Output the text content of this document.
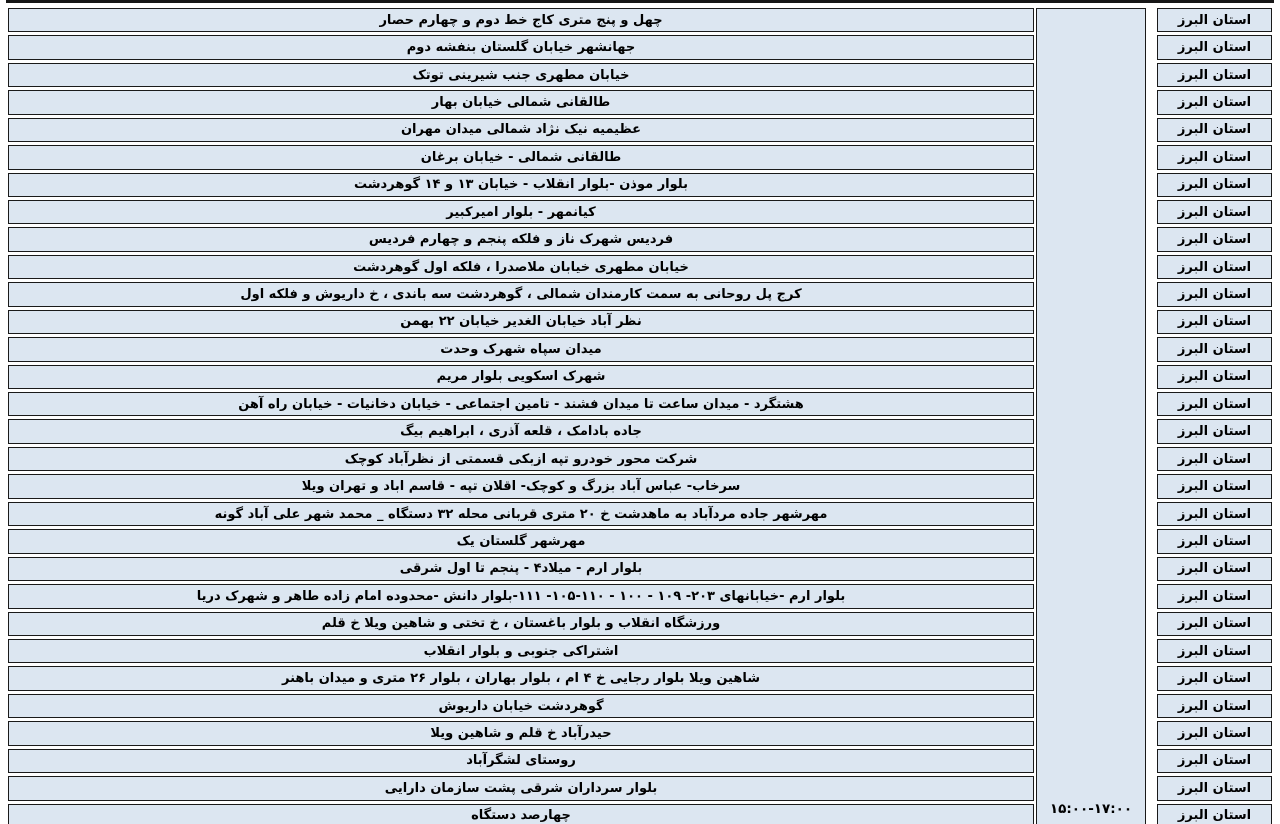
چهل و پنج متری کاج خط دوم و چهارم حصار
جهانشهر خیابان گلستان بنفشه دوم
خیابان مطهری جنب شیرینی توتک
طالقانی شمالی خیابان بهار
عظیمیه نیک نژاد شمالی میدان مهران
طالقانی شمالی - خیابان برغان
بلوار موذن -بلوار انقلاب - خیابان ۱۳ و ۱۴ گوهردشت
کیانمهر - بلوار امیرکبیر
فردیس شهرک ناز و فلکه پنجم و چهارم فردیس
خیابان مطهری خیابان ملاصدرا ، فلکه اول گوهردشت
کرج پل روحانی به سمت کارمندان شمالی ، گوهردشت سه باندی ، خ داریوش و فلکه اول
نظر آباد خیابان الغدیر خیابان ۲۲ بهمن
میدان سپاه شهرک وحدت
شهرک اسکویی بلوار مریم
هشتگرد - میدان ساعت تا میدان فشند - تامین اجتماعی - خیابان دخانیات - خیابان راه آهن
جاده بادامک ، قلعه آذری ، ابراهیم بیگ
شرکت محور خودرو تپه ازبکی قسمتی از نظرآباد کوچک
سرخاب- عباس آباد بزرگ و کوچک- اقلان تپه - قاسم اباد و تهران ویلا
مهرشهر جاده مردآباد به ماهدشت خ ۲۰ متری قربانی محله ۳۲ دستگاه _ محمد شهر علی آباد گونه
مهرشهر گلستان یک
بلوار ارم - میلاد۴ - پنجم تا اول شرقی
بلوار ارم -خیابانهای ۲۰۳- ۱۰۹ - ۱۰۰ - ۱۱۰-۱۰۵- ۱۱۱-بلوار دانش -محدوده امام زاده طاهر و شهرک دریا
ورزشگاه انقلاب و بلوار باغستان ، خ تختی و شاهین ویلا خ قلم
اشتراکی جنوبی و بلوار انقلاب
شاهین ویلا بلوار رجایی خ ۴ ام ، بلوار بهاران ، بلوار ۲۶ متری و میدان باهنر
گوهردشت خیابان داریوش
حیدرآباد خ قلم و شاهین ویلا
روستای لشگرآباد
بلوار سرداران شرقی پشت سازمان دارایی
چهارصد دستگاه	۱۵:۰۰-۱۷:۰۰
استان البرز
استان البرز
استان البرز
استان البرز
استان البرز
استان البرز
استان البرز
استان البرز
استان البرز
استان البرز
استان البرز
استان البرز
استان البرز
استان البرز
استان البرز
استان البرز
استان البرز
استان البرز
استان البرز
استان البرز
استان البرز
استان البرز
استان البرز
استان البرز
استان البرز
استان البرز
استان البرز
استان البرز
استان البرز
استان البرز
